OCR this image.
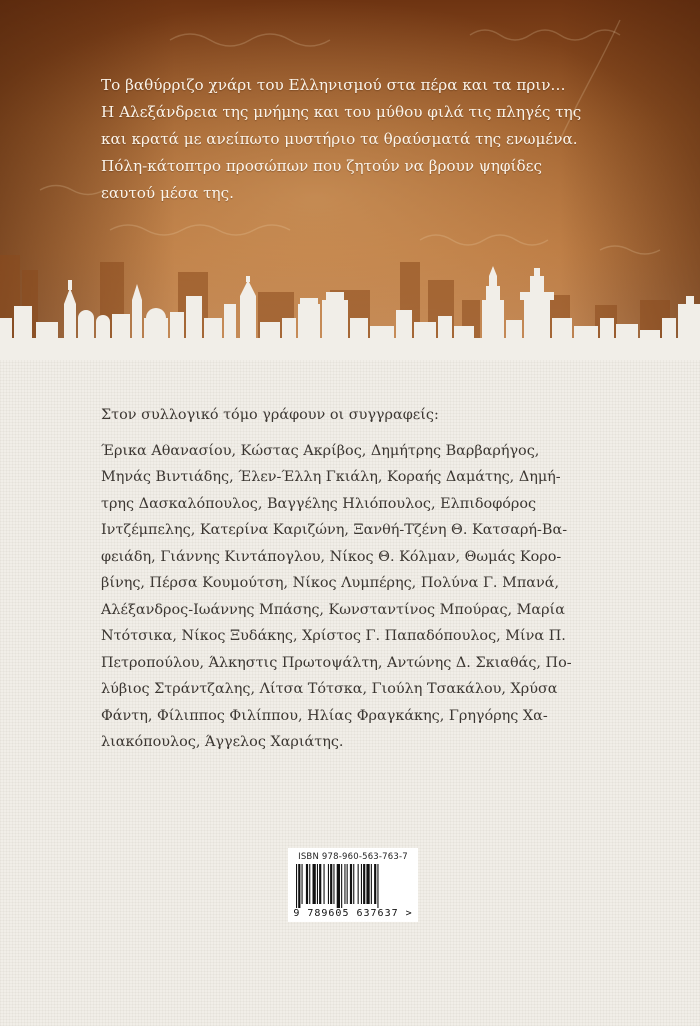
Το βαθύρριζο χνάρι του Ελληνισμού στα πέρα και τα πριν…
Η Αλεξάνδρεια της μνήμης και του μύθου φιλά τις πληγές της
και κρατά με ανείπωτο μυστήριο τα θραύσματά της ενωμένα.
Πόλη-κάτοπτρο προσώπων που ζητούν να βρουν ψηφίδες
εαυτού μέσα της.
Στον συλλογικό τόμο γράφουν οι συγγραφείς:
Έρικα Αθανασίου, Κώστας Ακρίβος, Δημήτρης Βαρβαρήγος,
Μηνάς Βιντιάδης, Έλεν-Έλλη Γκιάλη, Κοραής Δαμάτης, Δημή-
τρης Δασκαλόπουλος, Βαγγέλης Ηλιόπουλος, Ελπιδοφόρος
Ιντζέμπελης, Κατερίνα Καριζώνη, Ξανθή-Τζένη Θ. Κατσαρή-Βα-
φειάδη, Γιάννης Κιντάπογλου, Νίκος Θ. Κόλμαν, Θωμάς Κορο-
βίνης, Πέρσα Κουμούτση, Νίκος Λυμπέρης, Πολύνα Γ. Μπανά,
Αλέξανδρος-Ιωάννης Μπάσης, Κωνσταντίνος Μπούρας, Μαρία
Ντότσικα, Νίκος Ξυδάκης, Χρίστος Γ. Παπαδόπουλος, Μίνα Π.
Πετροπούλου, Άλκηστις Πρωτοψάλτη, Αντώνης Δ. Σκιαθάς, Πο-
λύβιος Στράντζαλης, Λίτσα Τότσκα, Γιούλη Τσακάλου, Χρύσα
Φάντη, Φίλιππος Φιλίππου, Ηλίας Φραγκάκης, Γρηγόρης Χα-
λιακόπουλος, Άγγελος Χαριάτης.
ISBN 978-960-563-763-7
9 789605 637637 >
